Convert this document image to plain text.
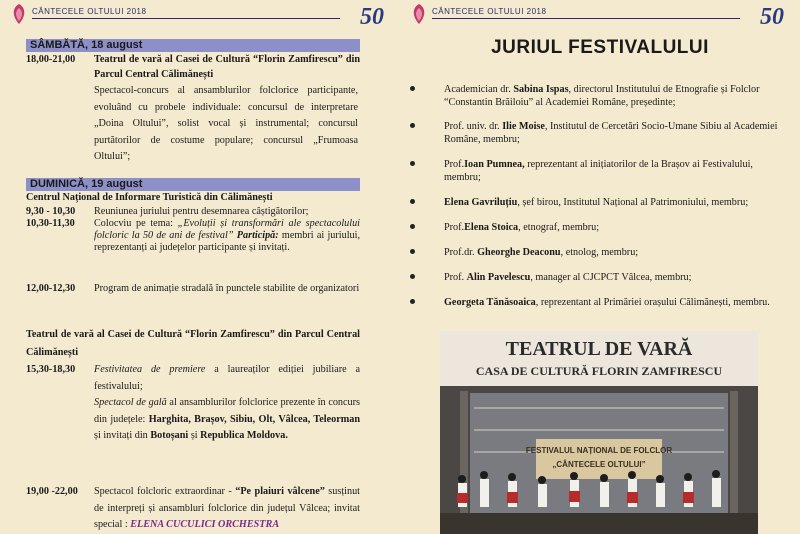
CÂNTECELE OLTULUI 2018	50
SÂMBĂTĂ, 18 august
18,00-21,00 Teatrul de vară al Casei de Cultură “Florin Zamfirescu” din Parcul Central Călimănești
Spectacol-concurs al ansamblurilor folclorice participante, evoluând cu probele individuale: concursul de interpretare „Doina Oltului”, solist vocal și instrumental; concursul purtătorilor de costume populare; concursul „Frumoasa Oltului”;
DUMINICĂ, 19 august
Centrul Național de Informare Turistică din Călimănești
9,30 - 10,30 Reuniunea juriului pentru desemnarea câștigătorilor;
10,30-11,30 Colocviu pe tema: „Evoluții și transformări ale spectacolului folcloric la 50 de ani de festival” Participă: membri ai juriului, reprezentanți ai județelor participante și invitați.
12,00-12,30 Program de animație stradală în punctele stabilite de organizatori
Teatrul de vară al Casei de Cultură “Florin Zamfirescu” din Parcul Central Călimănești
15,30-18,30 Festivitatea de premiere a laureaților ediției jubiliare a festivalului;
Spectacol de gală al ansamblurilor folclorice prezente în concurs din județele: Harghita, Brașov, Sibiu, Olt, Vâlcea, Teleorman și invitați din Botoșani și Republica Moldova.
19,00 -22,00 Spectacol folcloric extraordinar - “Pe plaiuri vâlcene” susținut de interpreți și ansambluri folclorice din județul Vâlcea; invitat special : ELENA CUCULICI ORCHESTRA
CÂNTECELE OLTULUI 2018	50
JURIUL FESTIVALULUI
Academician dr. Sabina Ispas, directorul Institutului de Etnografie și Folclor “Constantin Brăiloiu” al Academiei Române, președinte;
Prof. univ. dr. Ilie Moise, Institutul de Cercetări Socio-Umane Sibiu al Academiei Române, membru;
Prof.Ioan Pumnea, reprezentant al inițiatorilor de la Brașov ai Festivalului, membru;
Elena Gavriluțiu, șef birou, Institutul Național al Patrimoniului, membru;
Prof.Elena Stoica, etnograf, membru;
Prof.dr. Gheorghe Deaconu, etnolog, membru;
Prof. Alin Pavelescu, manager al CJCPCT Vâlcea, membru;
Georgeta Tănăsoaica, reprezentant al Primăriei orașului Călimănești, membru.
TEATRUL DE VARĂ
CASA DE CULTURĂ FLORIN ZAMFIRESCU
FESTIVALUL NAȚIONAL DE FOLCLOR
„CÂNTECELE OLTULUI”
